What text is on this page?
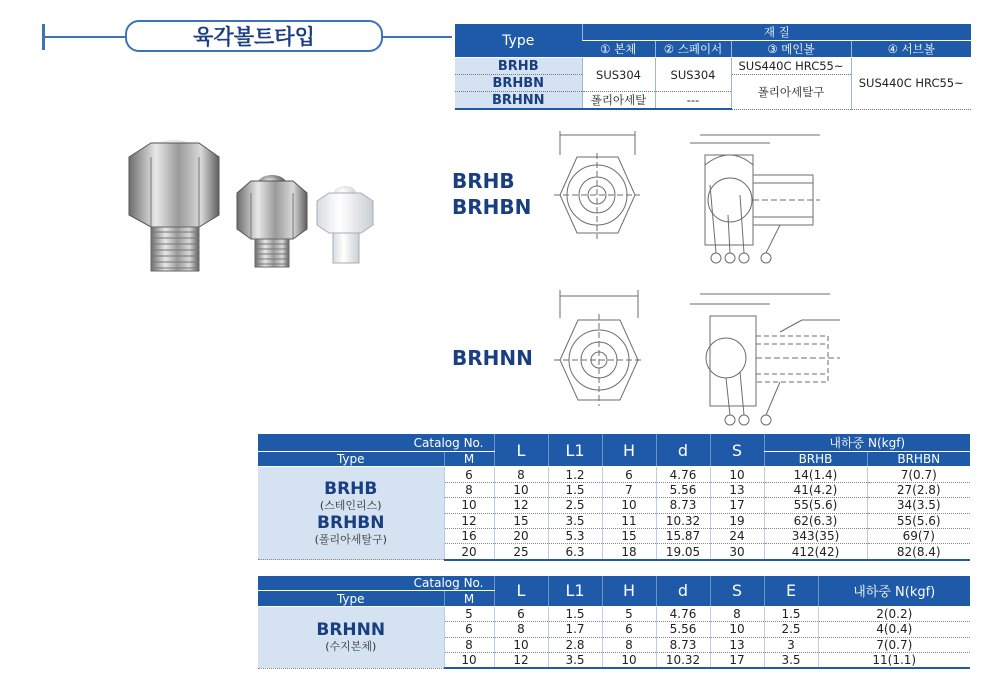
육각볼트타입	Type	재 질			
	① 본체	② 스페이서	③ 메인볼	④ 서브볼
BRHB	SUS304	SUS304	SUS440C HRC55~	SUS440C HRC55~
BRHBN			폴리아세탈구	
BRHNN	폴리아세탈	---		
BRHB
BRHBN
BRHNN
Catalog No.		L	L1	H	d	S	내하중 N(kgf)	
Type	M						BRHB	BRHBN

BRHB
(스테인리스)
BRHBN
(폴리아세탈구)	6	8	1.2	6	4.76	10	14(1.4)	7(0.7)
	8	10	1.5	7	5.56	13	41(4.2)	27(2.8)
	10	12	2.5	10	8.73	17	55(5.6)	34(3.5)
	12	15	3.5	11	10.32	19	62(6.3)	55(5.6)
	16	20	5.3	15	15.87	24	343(35)	69(7)
	20	25	6.3	18	19.05	30	412(42)	82(8.4)
Catalog No.		L	L1	H	d	S	E	내하중 N(kgf)
Type	M							

BRHNN
(수지본체)	5	6	1.5	5	4.76	8	1.5	2(0.2)
	6	8	1.7	6	5.56	10	2.5	4(0.4)
	8	10	2.8	8	8.73	13	3	7(0.7)
	10	12	3.5	10	10.32	17	3.5	11(1.1)
